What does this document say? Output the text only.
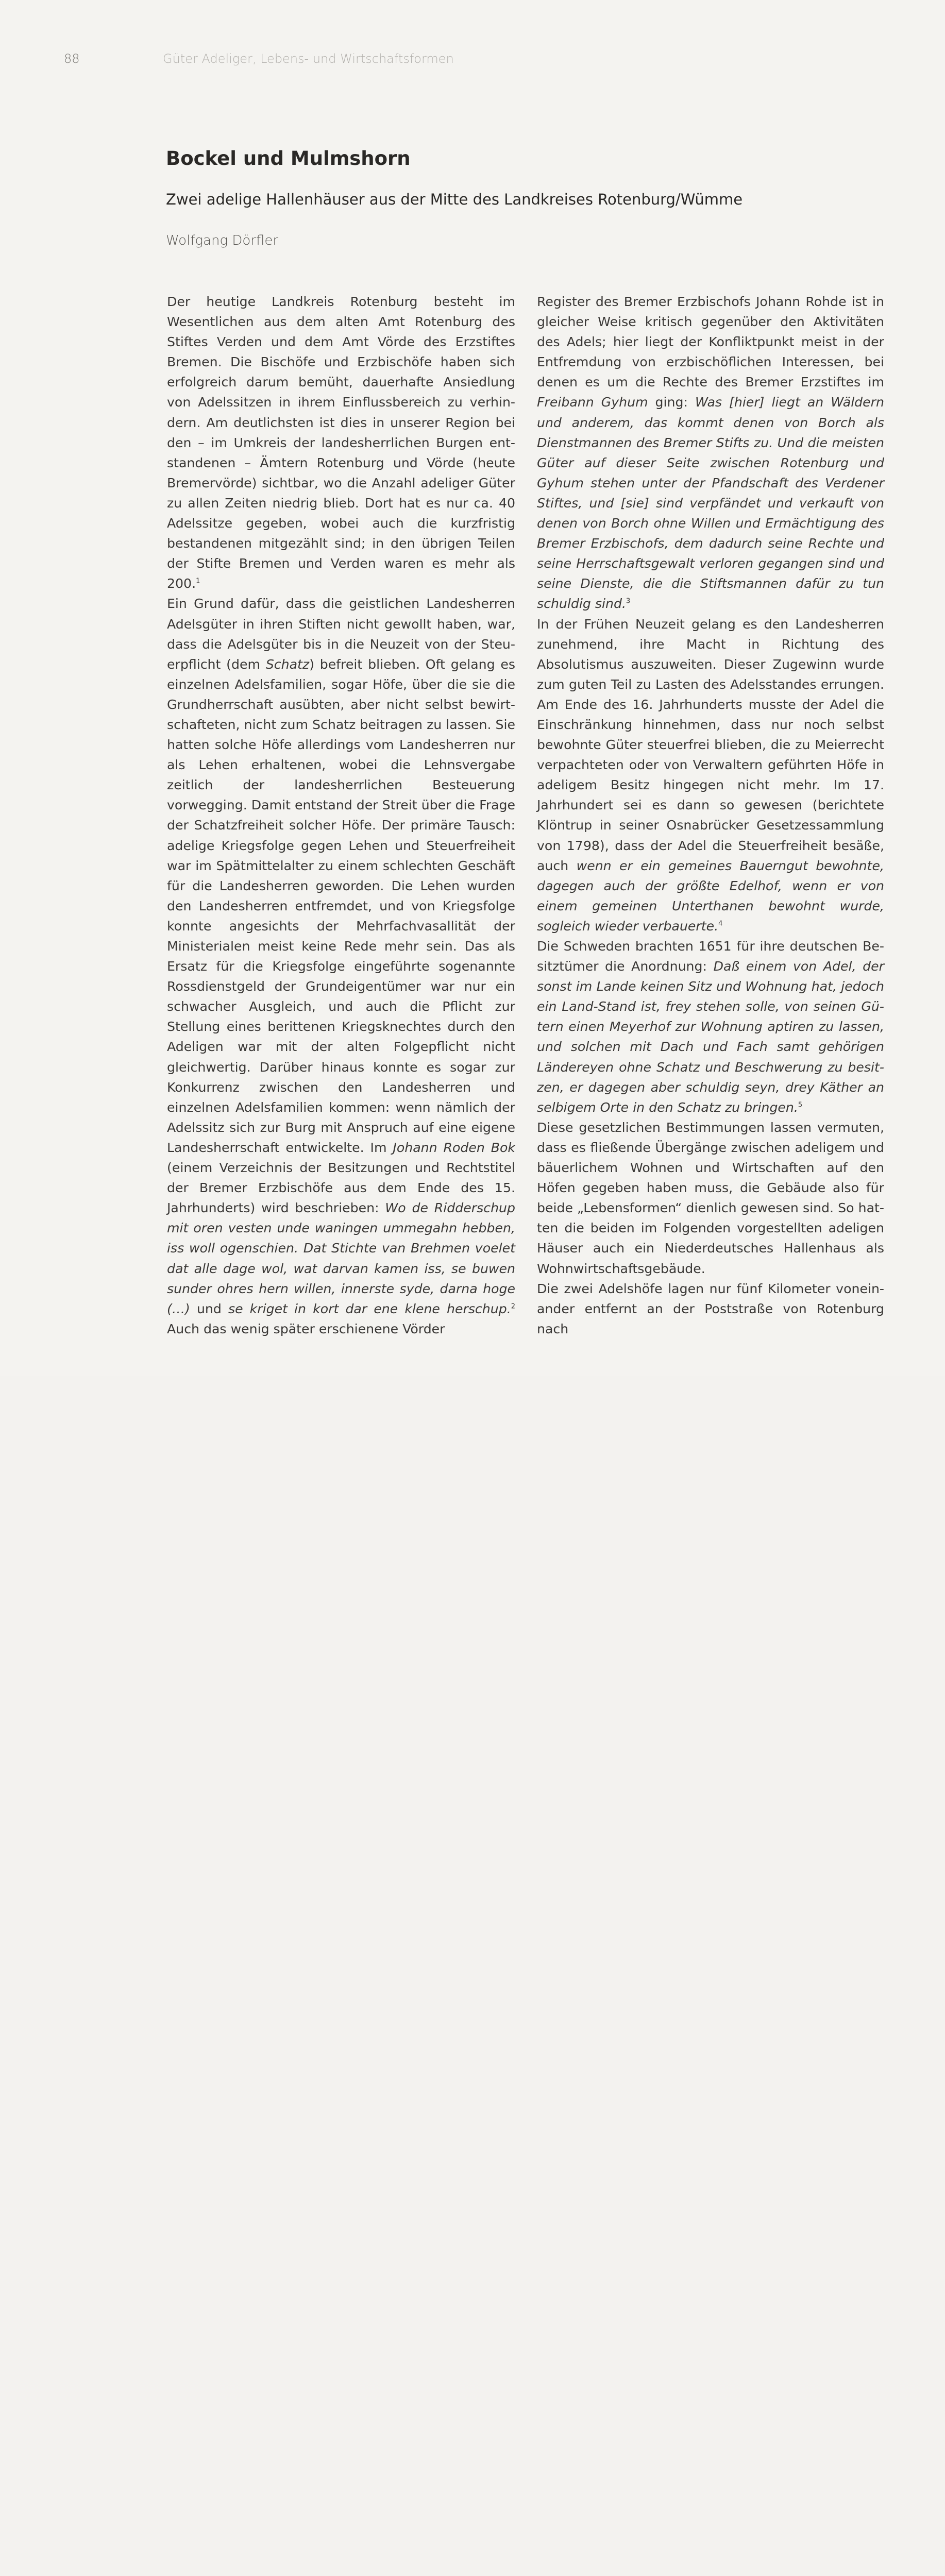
88	Güter Adeliger, Lebens- und Wirtschaftsformen
Bockel und Mulmshorn
Zwei adelige Hallenhäuser aus der Mitte des Landkreises Rotenburg/Wümme
Wolfgang Dörfler

Der heutige Landkreis Rotenburg besteht im Wesentlichen aus dem alten Amt Rotenburg des Stiftes Verden und dem Amt Vörde des Erzstiftes Bremen. Die Bischöfe und Erzbischöfe haben sich erfolgreich darum bemüht, dauerhafte Ansiedlung von Adelssitzen in ihrem Einflussbereich zu verhindern. Am deutlichsten ist dies in unserer Region bei den – im Umkreis der landesherrlichen Burgen entstandenen – Ämtern Rotenburg und Vörde (heute Bremervörde) sichtbar, wo die Anzahl adeliger Güter zu allen Zeiten niedrig blieb. Dort hat es nur ca. 40 Adelssitze gegeben, wobei auch die kurzfristig bestandenen mitgezählt sind; in den übrigen Teilen der Stifte Bremen und Verden waren es mehr als 200.$^1$

Ein Grund dafür, dass die geistlichen Landesherren Adelsgüter in ihren Stiften nicht gewollt haben, war, dass die Adelsgüter bis in die Neuzeit von der Steuerpflicht (dem Schatz) befreit blieben. Oft gelang es einzelnen Adelsfamilien, sogar Höfe, über die sie die Grundherrschaft ausübten, aber nicht selbst bewirtschafteten, nicht zum Schatz beitragen zu lassen. Sie hatten solche Höfe allerdings vom Landesherren nur als Lehen erhaltenen, wobei die Lehnsvergabe zeitlich der landesherrlichen Besteuerung vorwegging. Damit entstand der Streit über die Frage der Schatzfreiheit solcher Höfe. Der primäre Tausch: adelige Kriegsfolge gegen Lehen und Steuerfreiheit war im Spätmittelalter zu einem schlechten Geschäft für die Landesherren geworden. Die Lehen wurden den Landesherren entfremdet, und von Kriegsfolge konnte angesichts der Mehrfachvasallität der Ministerialen meist keine Rede mehr sein. Das als Ersatz für die Kriegsfolge eingeführte sogenannte Rossdienstgeld der Grundeigentümer war nur ein schwacher Ausgleich, und auch die Pflicht zur Stellung eines berittenen Kriegsknechtes durch den Adeligen war mit der alten Folgepflicht nicht gleichwertig. Darüber hinaus konnte es sogar zur Konkurrenz zwischen den Landesherren und einzelnen Adelsfamilien kommen: wenn nämlich der Adelssitz sich zur Burg mit Anspruch auf eine eigene Landesherrschaft entwickelte. Im Johann Roden Bok (einem Verzeichnis der Besitzungen und Rechtstitel der Bremer Erzbischöfe aus dem Ende des 15. Jahrhunderts) wird beschrieben: Wo de Ridderschup mit oren vesten unde waningen ummegahn hebben, iss woll ogenschien. Dat Stichte van Brehmen voelet dat alle dage wol, wat darvan kamen iss, se buwen sunder ohres hern willen, innerste syde, darna hoge (…) und se kriget in kort dar ene klene herschup.$^2$ Auch das wenig später erschienene Vörder

Register des Bremer Erzbischofs Johann Rohde ist in gleicher Weise kritisch gegenüber den Aktivitäten des Adels; hier liegt der Konfliktpunkt meist in der Entfremdung von erzbischöflichen Interessen, bei denen es um die Rechte des Bremer Erzstiftes im Freibann Gyhum ging: Was [hier] liegt an Wäldern und anderem, das kommt denen von Borch als Dienstmannen des Bremer Stifts zu. Und die meisten Güter auf dieser Seite zwischen Rotenburg und Gyhum stehen unter der Pfandschaft des Verdener Stiftes, und [sie] sind verpfändet und verkauft von denen von Borch ohne Willen und Ermächtigung des Bremer Erzbischofs, dem dadurch seine Rechte und seine Herrschaftsgewalt verloren gegangen sind und seine Dienste, die die Stiftsmannen dafür zu tun schuldig sind.$^3$

In der Frühen Neuzeit gelang es den Landesherren zunehmend, ihre Macht in Richtung des Absolutismus auszuweiten. Dieser Zugewinn wurde zum guten Teil zu Lasten des Adelsstandes errungen. Am Ende des 16. Jahrhunderts musste der Adel die Einschränkung hinnehmen, dass nur noch selbst bewohnte Güter steuerfrei blieben, die zu Meierrecht verpachteten oder von Verwaltern geführten Höfe in adeligem Besitz hingegen nicht mehr. Im 17. Jahrhundert sei es dann so gewesen (berichtete Klöntrup in seiner Osnabrücker Gesetzessammlung von 1798), dass der Adel die Steuerfreiheit besäße, auch wenn er ein gemeines Bauerngut bewohnte, dagegen auch der größte Edelhof, wenn er von einem gemeinen Unterthanen bewohnt wurde, sogleich wieder verbauerte.$^4$

Die Schweden brachten 1651 für ihre deutschen Besitztümer die Anordnung: Daß einem von Adel, der sonst im Lande keinen Sitz und Wohnung hat, jedoch ein Land-Stand ist, frey stehen solle, von seinen Gütern einen Meyerhof zur Wohnung aptiren zu lassen, und solchen mit Dach und Fach samt gehörigen Ländereyen ohne Schatz und Beschwerung zu besitzen, er dagegen aber schuldig seyn, drey Käther an selbigem Orte in den Schatz zu bringen.$^5$

Diese gesetzlichen Bestimmungen lassen vermuten, dass es fließende Übergänge zwischen adeligem und bäuerlichem Wohnen und Wirtschaften auf den Höfen gegeben haben muss, die Gebäude also für beide „Lebensformen“ dienlich gewesen sind. So hatten die beiden im Folgenden vorgestellten adeligen Häuser auch ein Niederdeutsches Hallenhaus als Wohnwirtschaftsgebäude.

Die zwei Adelshöfe lagen nur fünf Kilometer voneinander entfernt an der Poststraße von Rotenburg nach
